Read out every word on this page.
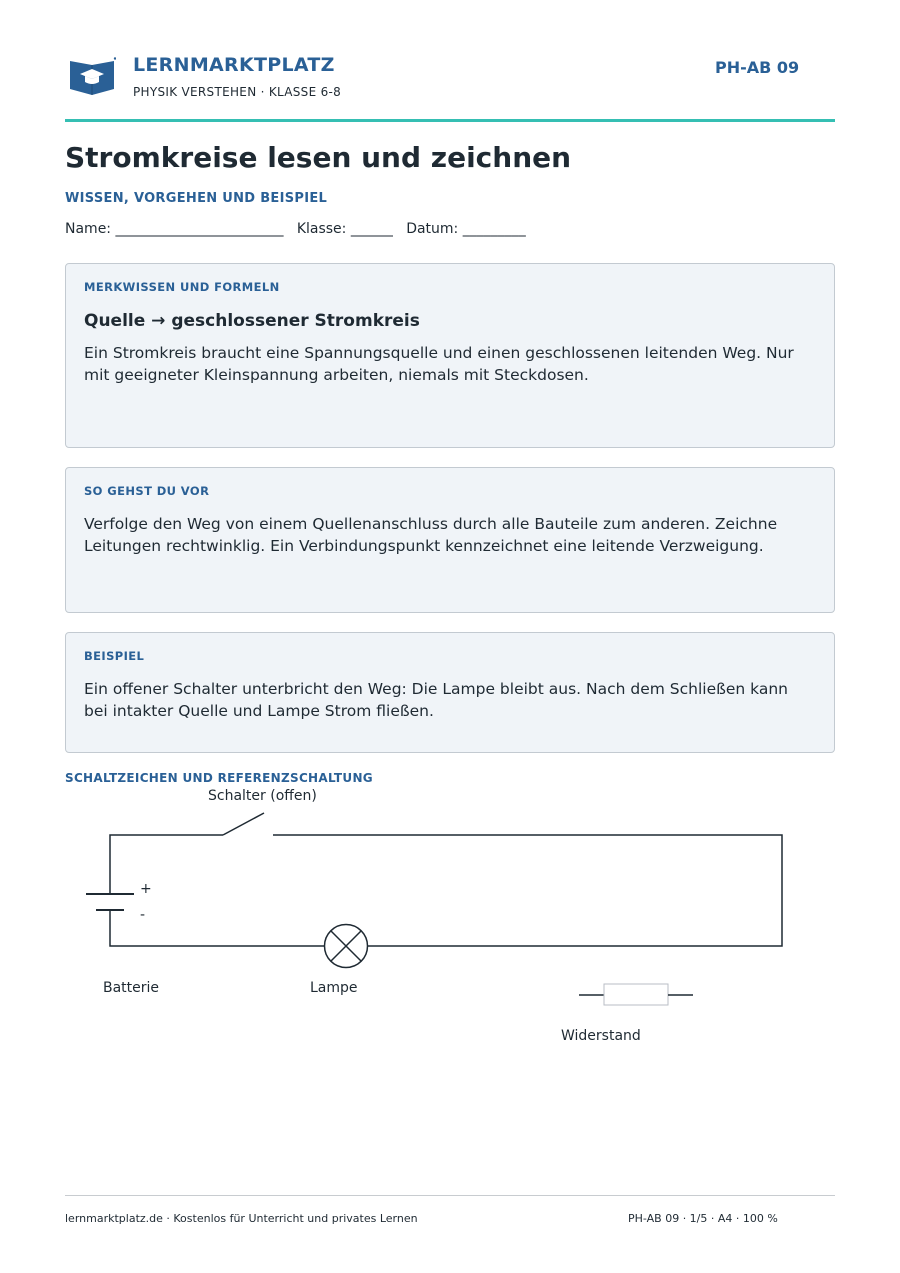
LERNMARKTPLATZ
PHYSIK VERSTEHEN · KLASSE 6-8
PH-AB 09
Stromkreise lesen und zeichnen
WISSEN, VORGEHEN UND BEISPIEL
Name: ________________________   Klasse: ______   Datum: _________
MERKWISSEN UND FORMELN
Quelle → geschlossener Stromkreis
Ein Stromkreis braucht eine Spannungsquelle und einen geschlossenen leitenden Weg. Nur mit geeigneter Kleinspannung arbeiten, niemals mit Steckdosen.
SO GEHST DU VOR
Verfolge den Weg von einem Quellenanschluss durch alle Bauteile zum anderen. Zeichne Leitungen rechtwinklig. Ein Verbindungspunkt kennzeichnet eine leitende Verzweigung.
BEISPIEL
Ein offener Schalter unterbricht den Weg: Die Lampe bleibt aus. Nach dem Schließen kann bei intakter Quelle und Lampe Strom fließen.
SCHALTZEICHEN UND REFERENZSCHALTUNG
Schalter (offen)
+
-
Batterie	Lampe
Widerstand
lernmarktplatz.de · Kostenlos für Unterricht und privates Lernen	PH-AB 09 · 1/5 · A4 · 100 %
